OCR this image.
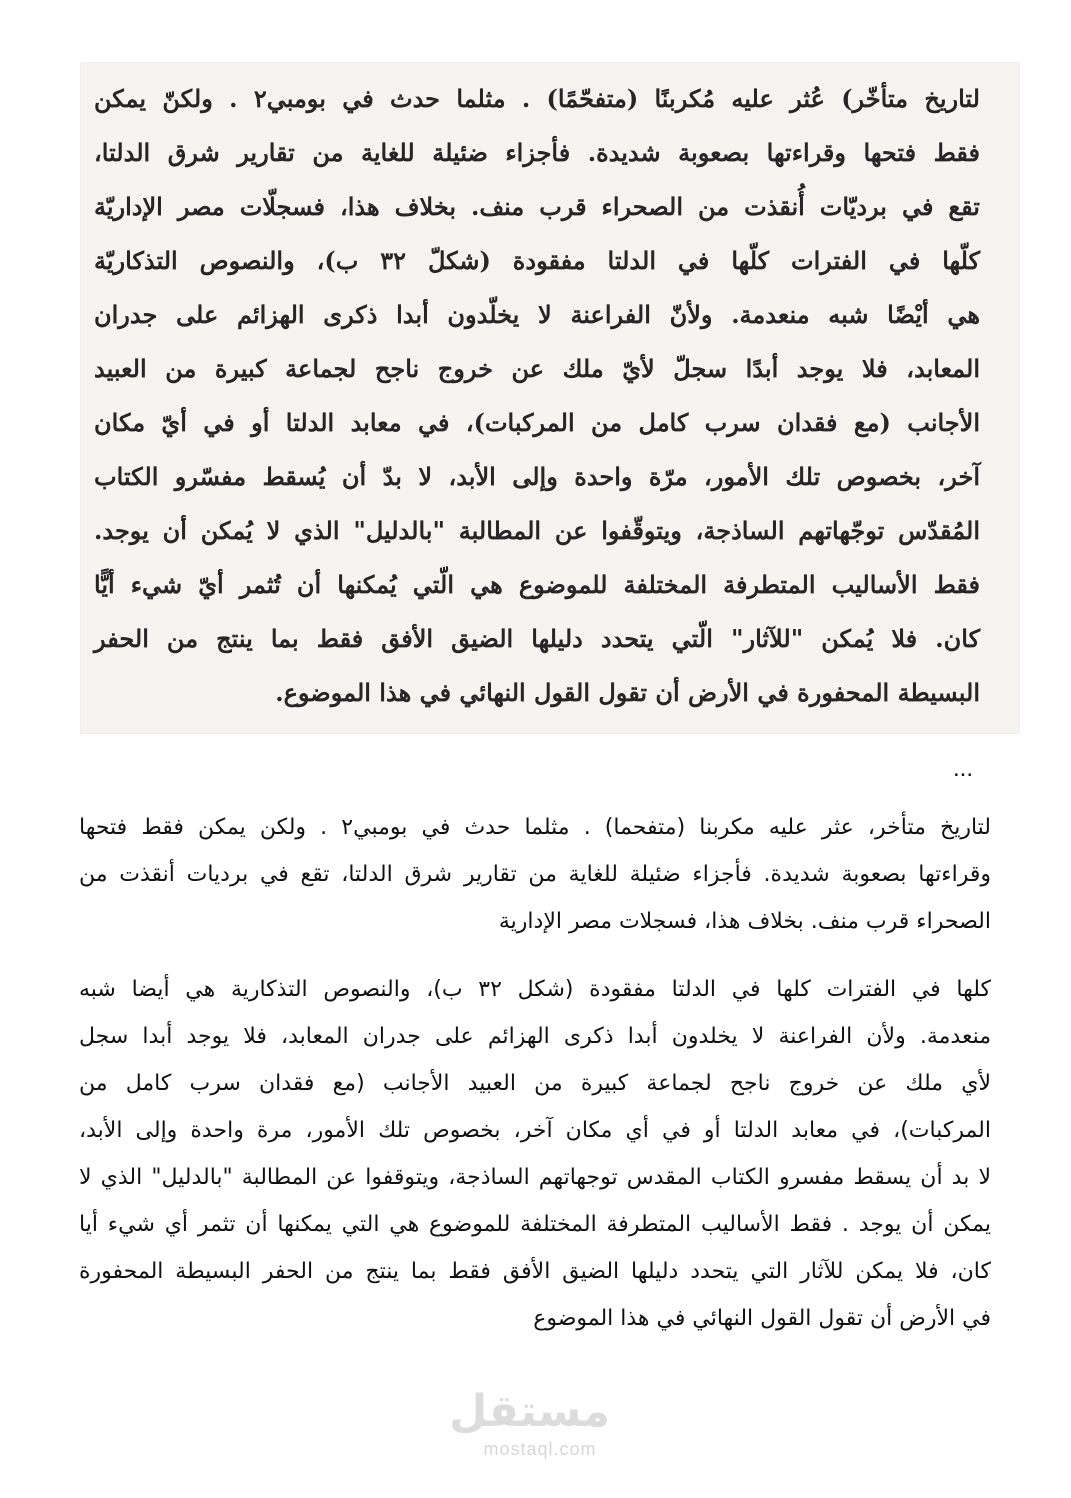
لتاريخ متأخّر) عُثر عليه مُكربنًا (متفحّمًا) . مثلما حدث في بومبي٢ . ولكنّ يمكن
فقط فتحها وقراءتها بصعوبة شديدة. فأجزاء ضئيلة للغاية من تقارير شرق الدلتا،
تقع في برديّات أُنقذت من الصحراء قرب منف. بخلاف هذا، فسجلّات مصر الإداريّة
كلّها في الفترات كلّها في الدلتا مفقودة (شكلّ ٣٢ ب)، والنصوص التذكاريّة
هي أيْضًا شبه منعدمة. ولأنّ الفراعنة لا يخلّدون أبدا ذكرى الهزائم على جدران
المعابد، فلا يوجد أبدًا سجلّ لأيّ ملك عن خروج ناجح لجماعة كبيرة من العبيد
الأجانب (مع فقدان سرب كامل من المركبات)، في معابد الدلتا أو في أيّ مكان
آخر، بخصوص تلك الأمور، مرّة واحدة وإلى الأبد، لا بدّ أن يُسقط مفسّرو الكتاب
المُقدّس توجّهاتهم الساذجة، ويتوقّفوا عن المطالبة "بالدليل" الذي لا يُمكن أن يوجد.
فقط الأساليب المتطرفة المختلفة للموضوع هي الّتي يُمكنها أن تُثمر أيّ شيء أيًّا
كان. فلا يُمكن "للآثار" الّتي يتحدد دليلها الضيق الأفق فقط بما ينتج من الحفر
البسيطة المحفورة في الأرض أن تقول القول النهائي في هذا الموضوع.
...
لتاريخ متأخر، عثر عليه مكربنا (متفحما) . مثلما حدث في بومبي٢ . ولكن يمكن فقط فتحها
وقراءتها بصعوبة شديدة. فأجزاء ضئيلة للغاية من تقارير شرق الدلتا، تقع في برديات أنقذت من
الصحراء قرب منف. بخلاف هذا، فسجلات مصر الإدارية
كلها في الفترات كلها في الدلتا مفقودة (شكل ٣٢ ب)، والنصوص التذكارية هي أيضا شبه
منعدمة. ولأن الفراعنة لا يخلدون أبدا ذكرى الهزائم على جدران المعابد، فلا يوجد أبدا سجل
لأي ملك عن خروج ناجح لجماعة كبيرة من العبيد الأجانب (مع فقدان سرب كامل من
المركبات)، في معابد الدلتا أو في أي مكان آخر، بخصوص تلك الأمور، مرة واحدة وإلى الأبد،
لا بد أن يسقط مفسرو الكتاب المقدس توجهاتهم الساذجة، ويتوقفوا عن المطالبة "بالدليل" الذي لا
يمكن أن يوجد . فقط الأساليب المتطرفة المختلفة للموضوع هي التي يمكنها أن تثمر أي شيء أيا
كان، فلا يمكن للآثار التي يتحدد دليلها الضيق الأفق فقط بما ينتج من الحفر البسيطة المحفورة
في الأرض أن تقول القول النهائي في هذا الموضوع
مستقل
mostaql.com
